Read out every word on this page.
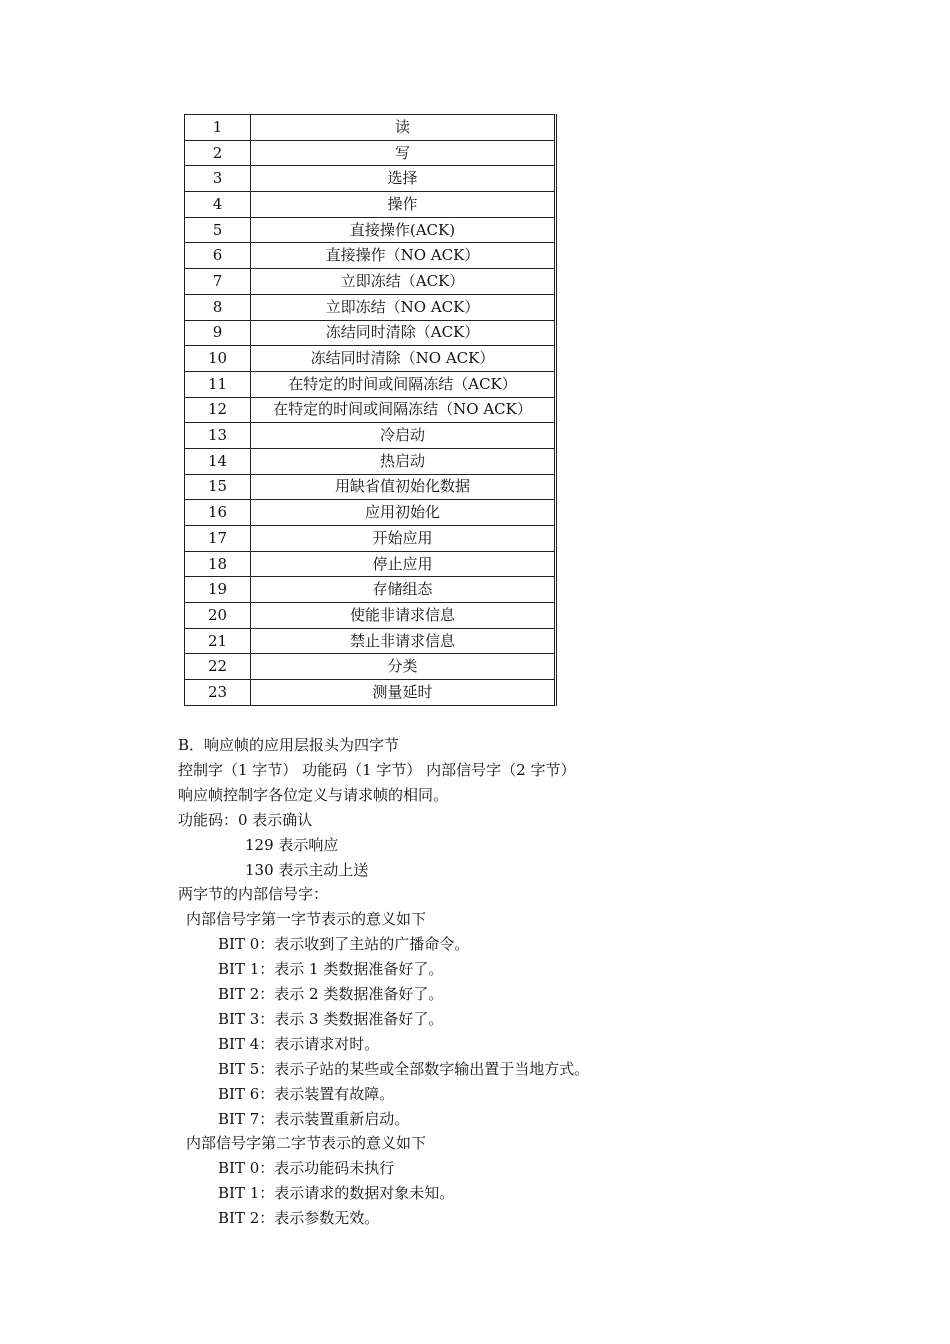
1	读
2	写
3	选择
4	操作
5	直接操作(ACK)
6	直接操作（NO ACK）
7	立即冻结（ACK）
8	立即冻结（NO ACK）
9	冻结同时清除（ACK）
10	冻结同时清除（NO ACK）
11	在特定的时间或间隔冻结（ACK）
12	在特定的时间或间隔冻结（NO ACK）
13	冷启动
14	热启动
15	用缺省值初始化数据
16	应用初始化
17	开始应用
18	停止应用
19	存储组态
20	使能非请求信息
21	禁止非请求信息
22	分类
23	测量延时
B．响应帧的应用层报头为四字节
控制字（1 字节） 功能码（1 字节） 内部信号字（2 字节）
响应帧控制字各位定义与请求帧的相同。
功能码：0 表示确认
129 表示响应
130 表示主动上送
两字节的内部信号字：
内部信号字第一字节表示的意义如下
BIT 0：表示收到了主站的广播命令。
BIT 1：表示 1 类数据准备好了。
BIT 2：表示 2 类数据准备好了。
BIT 3：表示 3 类数据准备好了。
BIT 4：表示请求对时。
BIT 5：表示子站的某些或全部数字输出置于当地方式。
BIT 6：表示装置有故障。
BIT 7：表示装置重新启动。
内部信号字第二字节表示的意义如下
BIT 0：表示功能码未执行
BIT 1：表示请求的数据对象未知。
BIT 2：表示参数无效。
